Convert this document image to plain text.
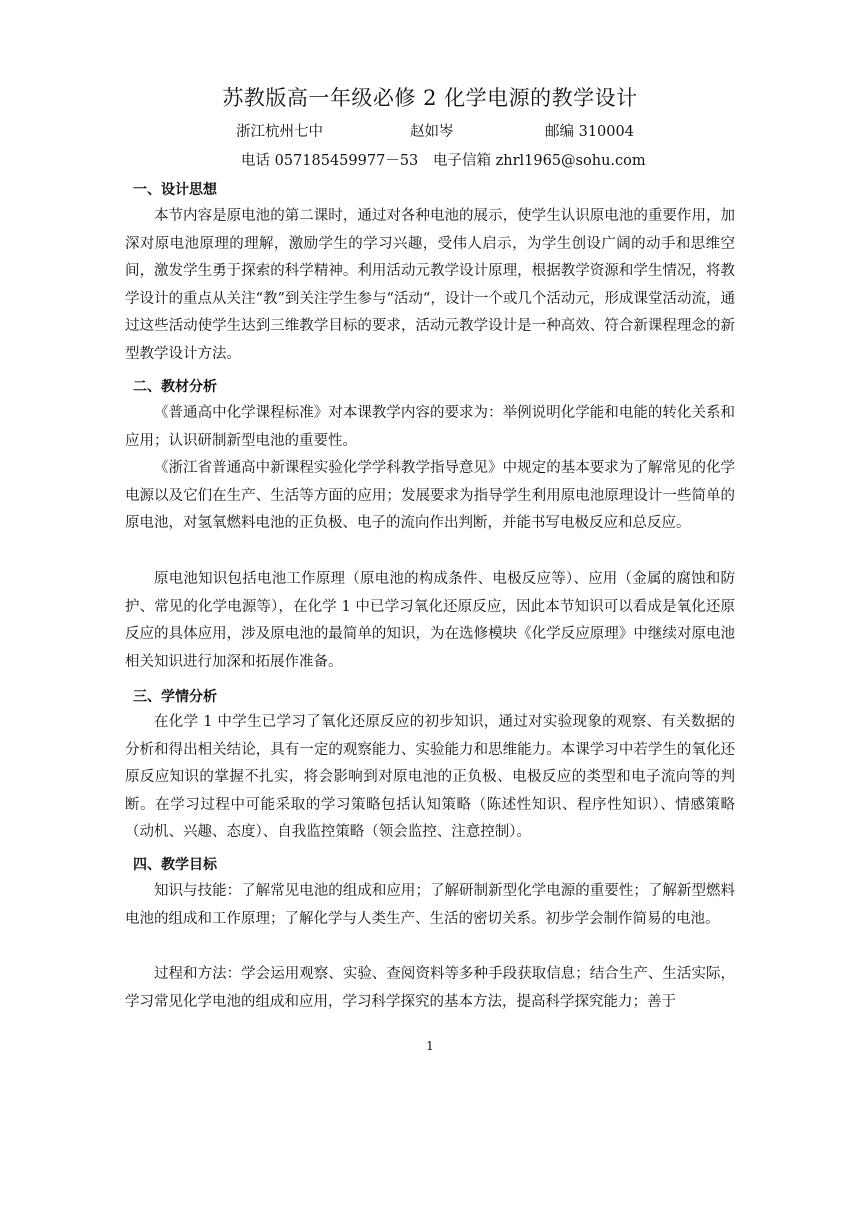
苏教版高一年级必修 2 化学电源的教学设计
浙江杭州七中	赵如岑	邮编 310004
电话 057185459977－53 电子信箱 zhrl1965@sohu.com
一、设计思想
本节内容是原电池的第二课时，通过对各种电池的展示，使学生认识原电池的重要作用，加深对原电池原理的理解，激励学生的学习兴趣，受伟人启示，为学生创设广阔的动手和思维空间，激发学生勇于探索的科学精神。利用活动元教学设计原理，根据教学资源和学生情况，将教学设计的重点从关注“教”到关注学生参与“活动“，设计一个或几个活动元，形成课堂活动流，通过这些活动使学生达到三维教学目标的要求，活动元教学设计是一种高效、符合新课程理念的新型教学设计方法。
二、教材分析
《普通高中化学课程标准》对本课教学内容的要求为：举例说明化学能和电能的转化关系和应用；认识研制新型电池的重要性。
《浙江省普通高中新课程实验化学学科教学指导意见》中规定的基本要求为了解常见的化学电源以及它们在生产、生活等方面的应用；发展要求为指导学生利用原电池原理设计一些简单的原电池，对氢氧燃料电池的正负极、电子的流向作出判断，并能书写电极反应和总反应。
原电池知识包括电池工作原理（原电池的构成条件、电极反应等）、应用（金属的腐蚀和防护、常见的化学电源等），在化学 1 中已学习氧化还原反应，因此本节知识可以看成是氧化还原反应的具体应用，涉及原电池的最简单的知识，为在选修模块《化学反应原理》中继续对原电池相关知识进行加深和拓展作准备。
三、学情分析
在化学 1 中学生已学习了氧化还原反应的初步知识，通过对实验现象的观察、有关数据的分析和得出相关结论，具有一定的观察能力、实验能力和思维能力。本课学习中若学生的氧化还原反应知识的掌握不扎实，将会影响到对原电池的正负极、电极反应的类型和电子流向等的判断。在学习过程中可能采取的学习策略包括认知策略（陈述性知识、程序性知识）、情感策略（动机、兴趣、态度）、自我监控策略（领会监控、注意控制）。
四、教学目标
知识与技能：了解常见电池的组成和应用；了解研制新型化学电源的重要性；了解新型燃料电池的组成和工作原理；了解化学与人类生产、生活的密切关系。初步学会制作简易的电池。
过程和方法：学会运用观察、实验、查阅资料等多种手段获取信息；结合生产、生活实际，学习常见化学电池的组成和应用，学习科学探究的基本方法，提高科学探究能力；善于
1
